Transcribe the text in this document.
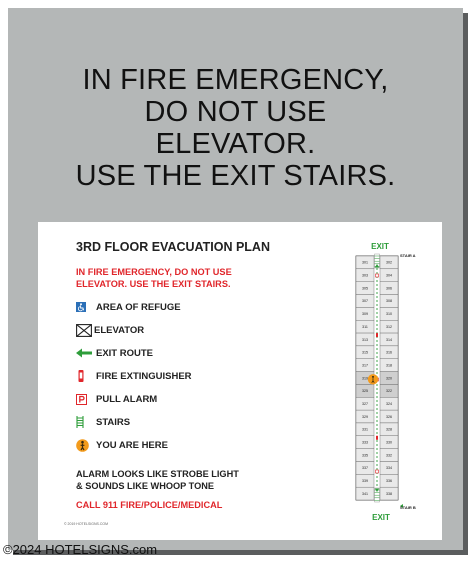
IN FIRE EMERGENCY,
DO NOT USE
ELEVATOR.
USE THE EXIT STAIRS.
3RD FLOOR EVACUATION PLAN
IN FIRE EMERGENCY, DO NOT USE
ELEVATOR. USE THE EXIT STAIRS.
AREA OF REFUGE
ELEVATOR
EXIT ROUTE
FIRE EXTINGUISHER
PULL ALARM
STAIRS
YOU ARE HERE
ALARM LOOKS LIKE STROBE LIGHT
& SOUNDS LIKE WHOOP TONE
CALL 911 FIRE/POLICE/MEDICAL
© 2019 HOTELSIGNS.COM
301	302
303	304
305	306
307	308
309	310
311	312
313	314
315	316
317	318
319	320
325	322
327	324
329	326
331	328
333	330
335	332
337	334
339	336
341	338
EXIT
STAIR A
EXIT
STAIR B
©2024 HOTELSIGNS.com
